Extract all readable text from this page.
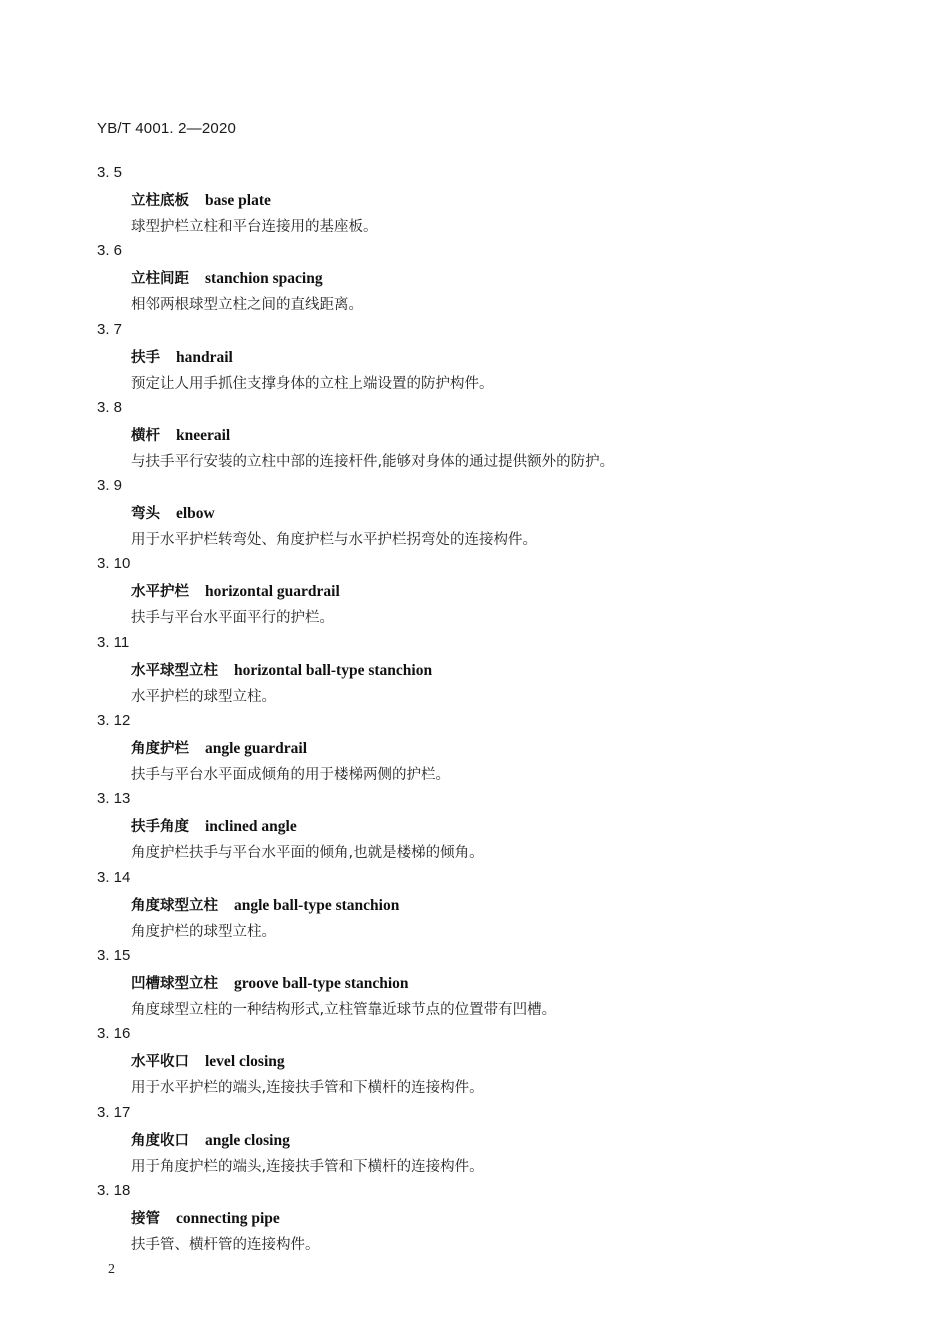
YB/T 4001. 2—2020
3. 5
立柱底板 base plate
球型护栏立柱和平台连接用的基座板。
3. 6
立柱间距 stanchion spacing
相邻两根球型立柱之间的直线距离。
3. 7
扶手 handrail
预定让人用手抓住支撑身体的立柱上端设置的防护构件。
3. 8
横杆 kneerail
与扶手平行安装的立柱中部的连接杆件,能够对身体的通过提供额外的防护。
3. 9
弯头 elbow
用于水平护栏转弯处、角度护栏与水平护栏拐弯处的连接构件。
3. 10
水平护栏 horizontal guardrail
扶手与平台水平面平行的护栏。
3. 11
水平球型立柱 horizontal ball-type stanchion
水平护栏的球型立柱。
3. 12
角度护栏 angle guardrail
扶手与平台水平面成倾角的用于楼梯两侧的护栏。
3. 13
扶手角度 inclined angle
角度护栏扶手与平台水平面的倾角,也就是楼梯的倾角。
3. 14
角度球型立柱 angle ball-type stanchion
角度护栏的球型立柱。
3. 15
凹槽球型立柱 groove ball-type stanchion
角度球型立柱的一种结构形式,立柱管靠近球节点的位置带有凹槽。
3. 16
水平收口 level closing
用于水平护栏的端头,连接扶手管和下横杆的连接构件。
3. 17
角度收口 angle closing
用于角度护栏的端头,连接扶手管和下横杆的连接构件。
3. 18
接管 connecting pipe
扶手管、横杆管的连接构件。
2
